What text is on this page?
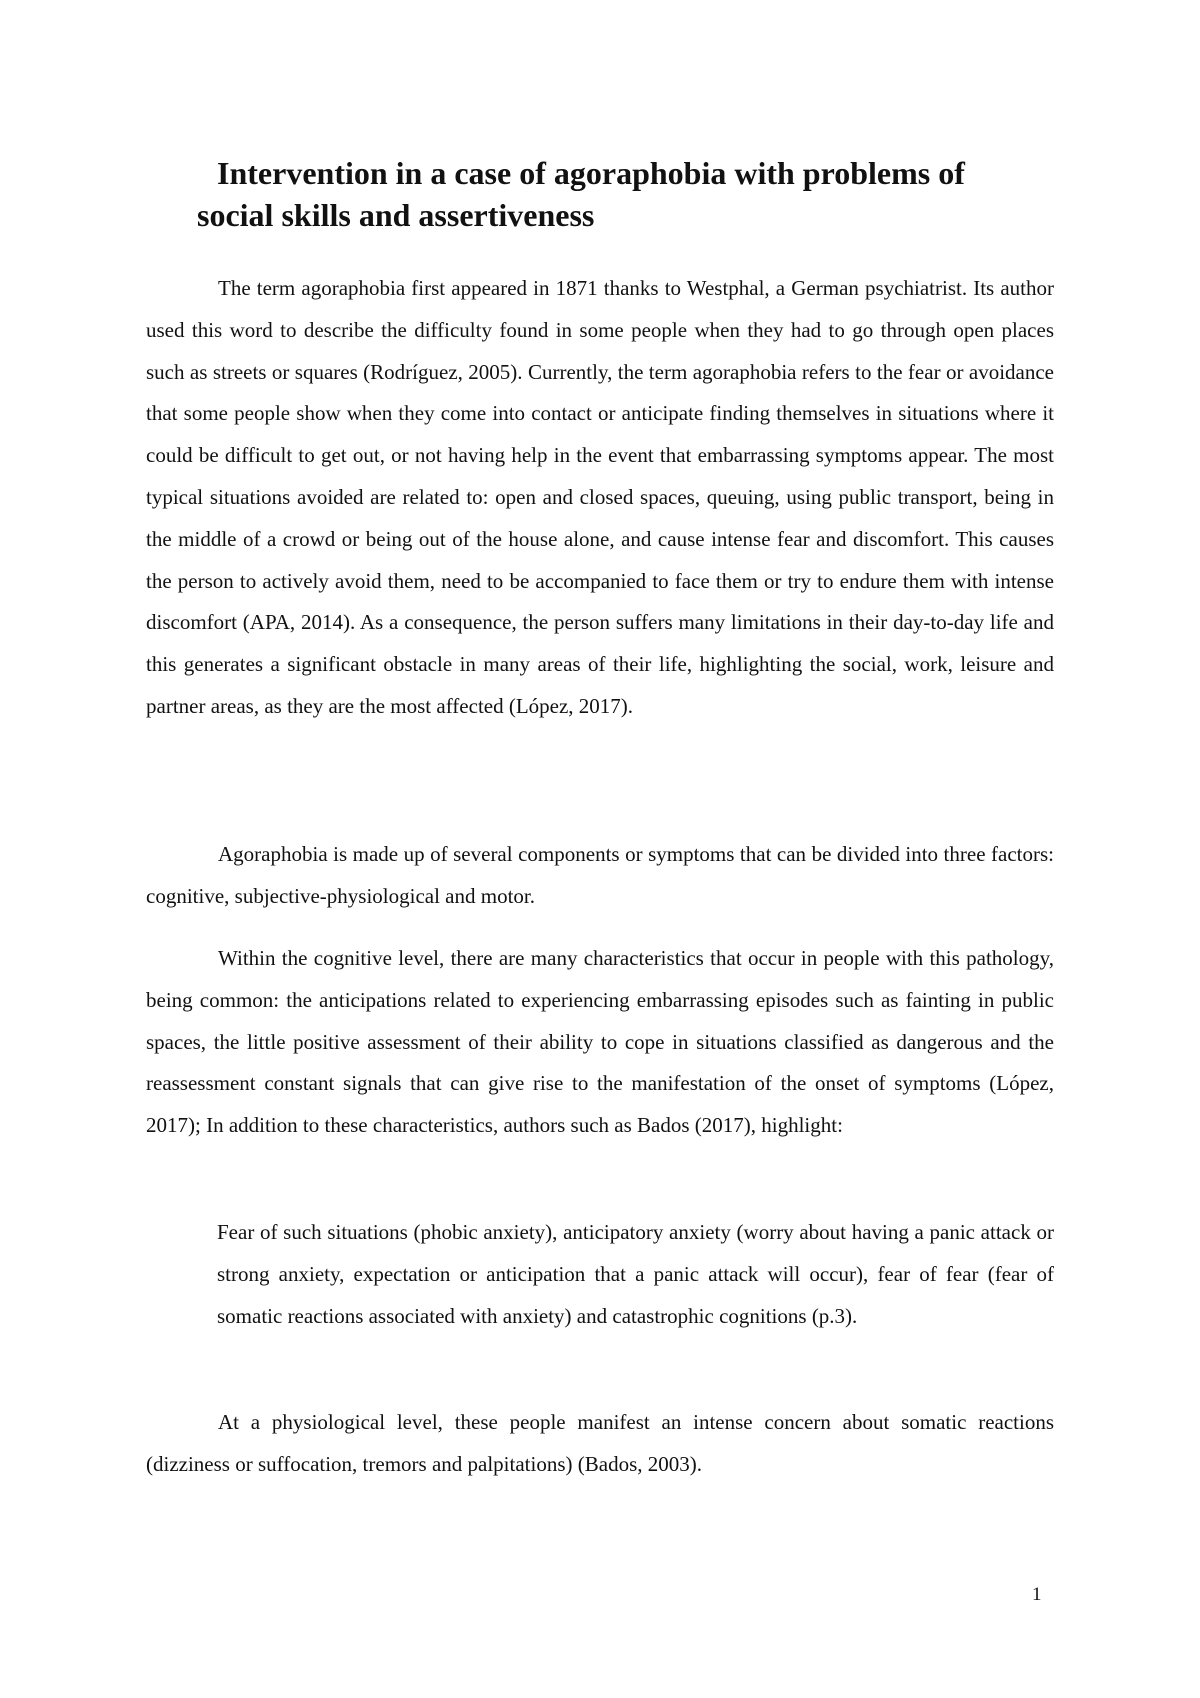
Intervention in a case of agoraphobia with problems of
social skills and assertiveness

The term agoraphobia first appeared in 1871 thanks to Westphal, a German psychiatrist. Its author used this word to describe the difficulty found in some people when they had to go through open places such as streets or squares (Rodríguez, 2005). Currently, the term agoraphobia refers to the fear or avoidance that some people show when they come into contact or anticipate finding themselves in situations where it could be difficult to get out, or not having help in the event that embarrassing symptoms appear. The most typical situations avoided are related to: open and closed spaces, queuing, using public transport, being in the middle of a crowd or being out of the house alone, and cause intense fear and discomfort. This causes the person to actively avoid them, need to be accompanied to face them or try to endure them with intense discomfort (APA, 2014). As a consequence, the person suffers many limitations in their day-to-day life and this generates a significant obstacle in many areas of their life, highlighting the social, work, leisure and partner areas, as they are the most affected (López, 2017).

Agoraphobia is made up of several components or symptoms that can be divided into three factors: cognitive, subjective-physiological and motor.

Within the cognitive level, there are many characteristics that occur in people with this pathology, being common: the anticipations related to experiencing embarrassing episodes such as fainting in public spaces, the little positive assessment of their ability to cope in situations classified as dangerous and the reassessment constant signals that can give rise to the manifestation of the onset of symptoms (López, 2017); In addition to these characteristics, authors such as Bados (2017), highlight:

Fear of such situations (phobic anxiety), anticipatory anxiety (worry about having a panic attack or strong anxiety, expectation or anticipation that a panic attack will occur), fear of fear (fear of somatic reactions associated with anxiety) and catastrophic cognitions (p.3).

At a physiological level, these people manifest an intense concern about somatic reactions (dizziness or suffocation, tremors and palpitations) (Bados, 2003).

1
